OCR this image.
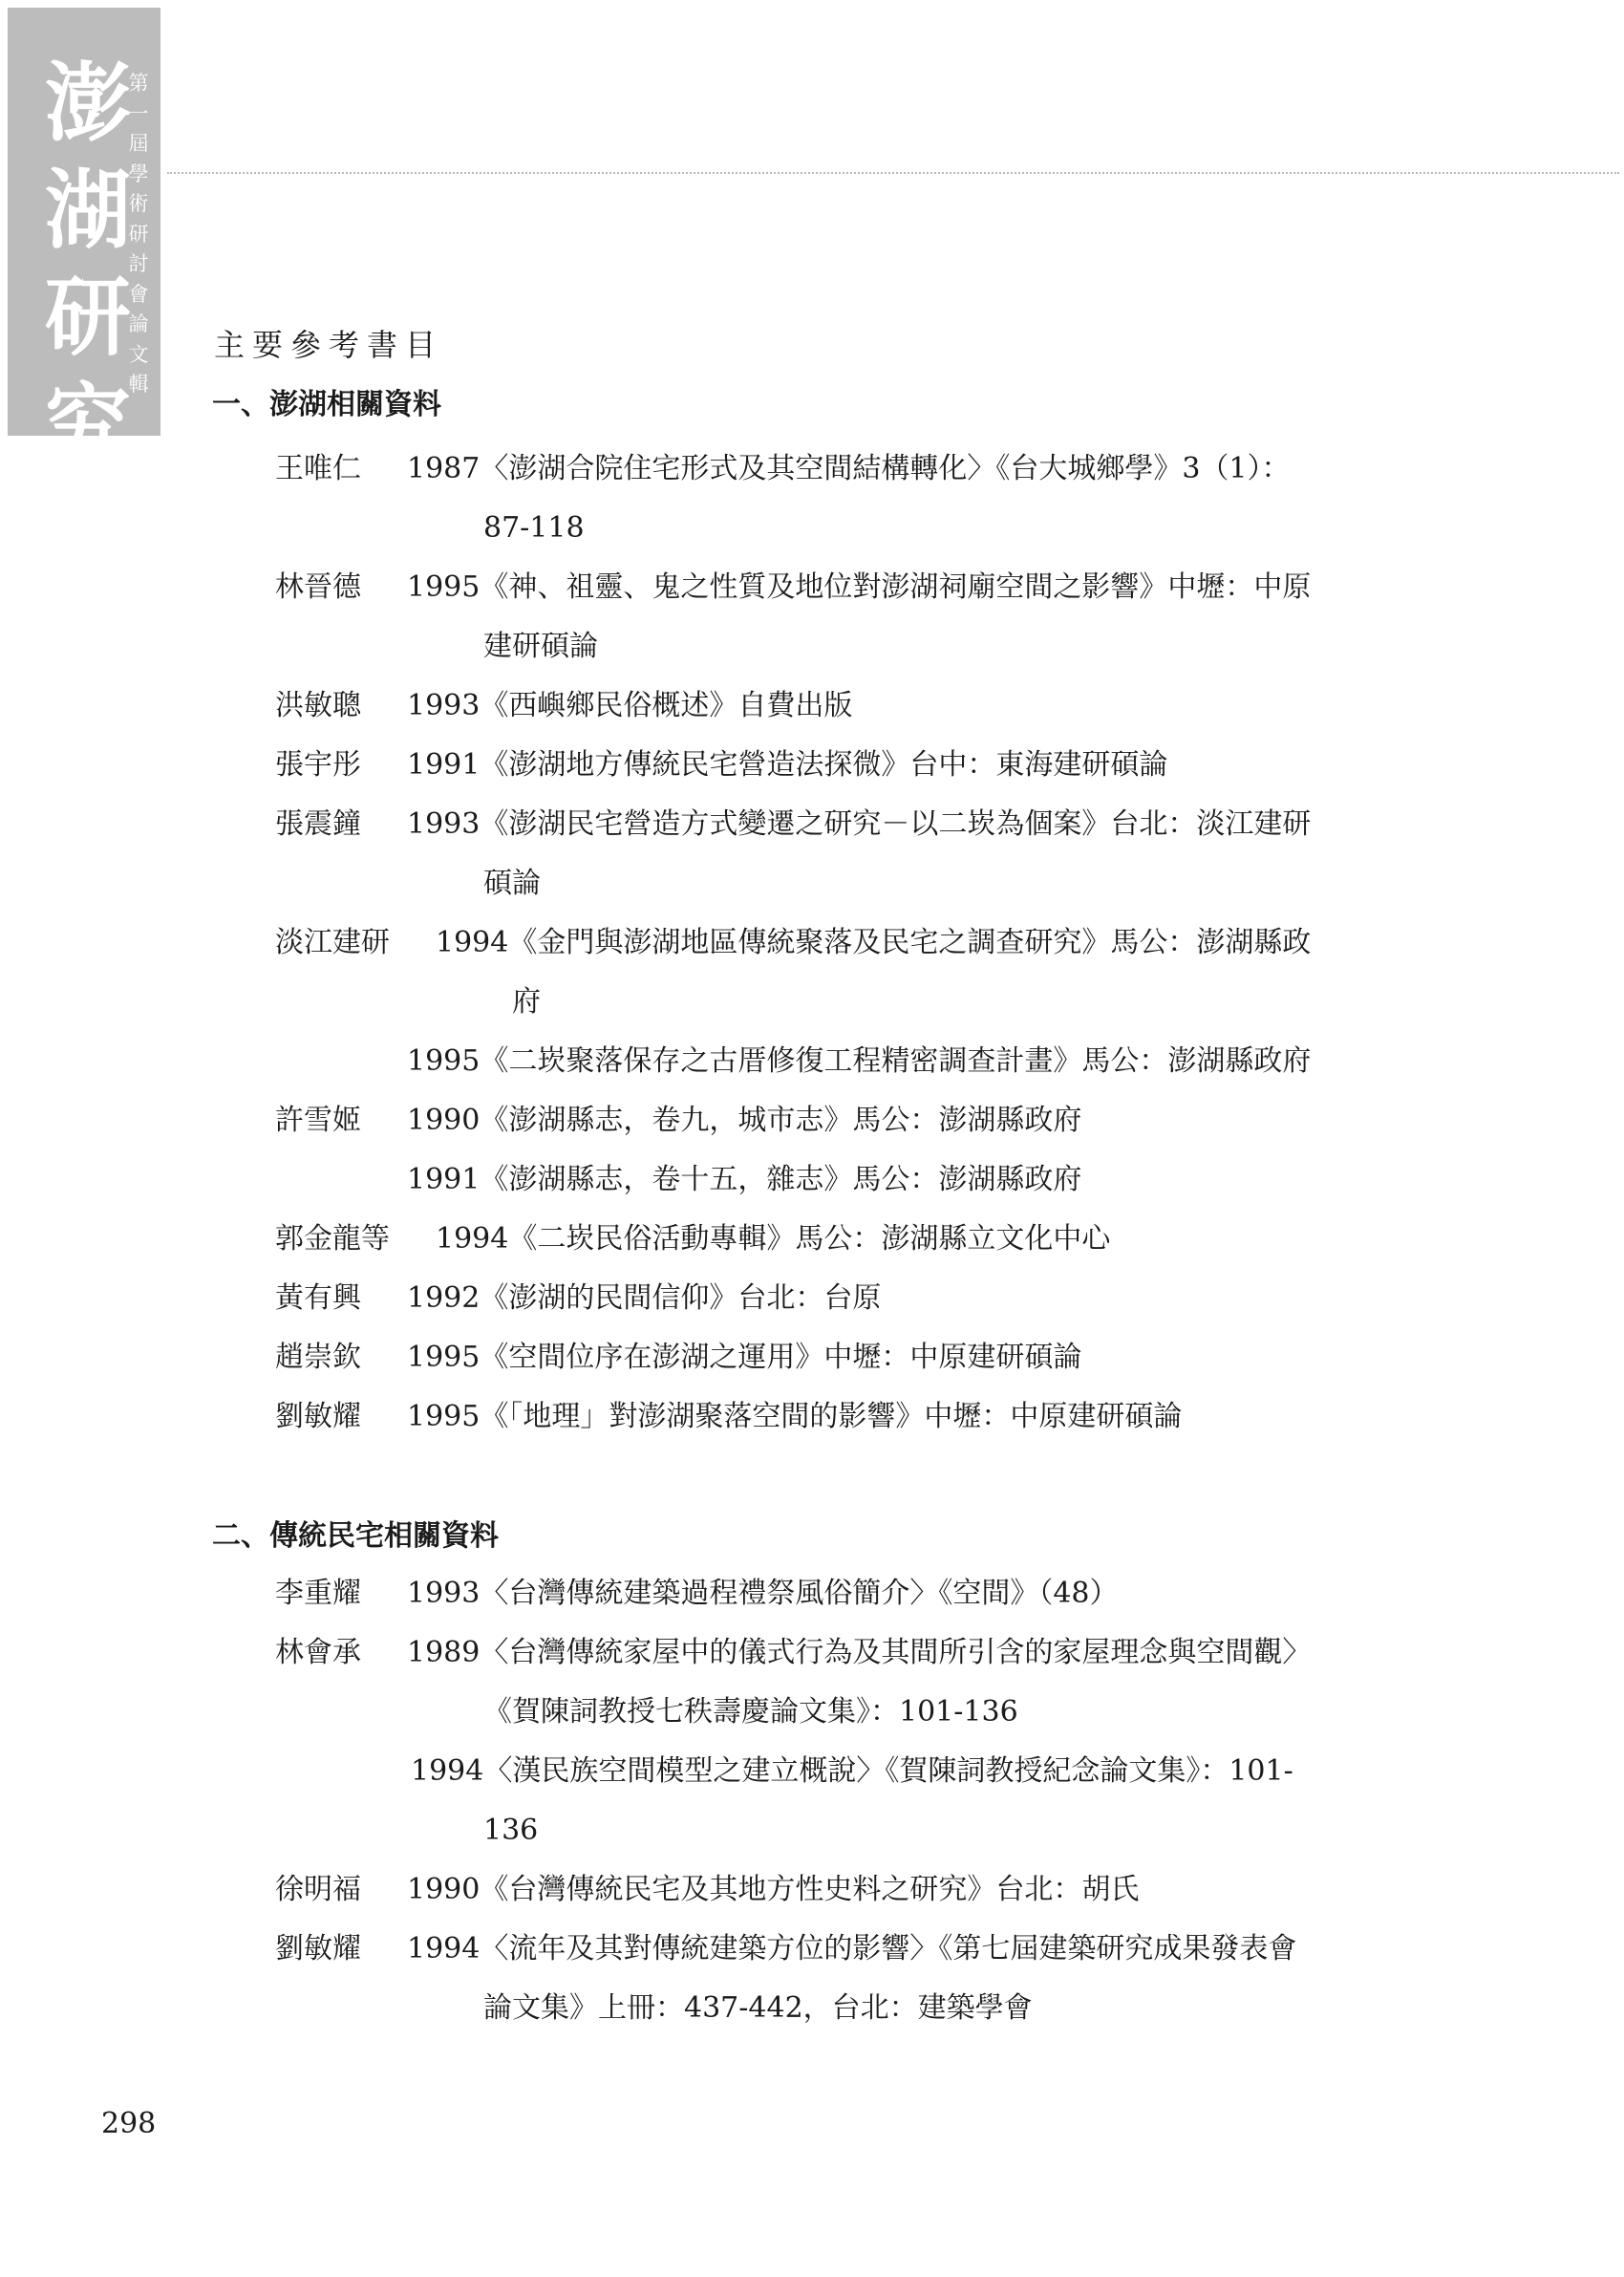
澎
湖
研
究
第
一
屆
學
術
研
討
會
論
文
輯
主要參考書目
一、澎湖相關資料
王唯仁 1987〈澎湖合院住宅形式及其空間結構轉化〉《台大城鄉學》3（1）：
87-118
林晉德 1995《神、祖靈、鬼之性質及地位對澎湖祠廟空間之影響》中壢：中原
建研碩論
洪敏聰 1993《西嶼鄉民俗概述》自費出版
張宇彤 1991《澎湖地方傳統民宅營造法探微》台中：東海建研碩論
張震鐘 1993《澎湖民宅營造方式變遷之研究－以二崁為個案》台北：淡江建研
碩論
淡江建研 1994《金門與澎湖地區傳統聚落及民宅之調查研究》馬公：澎湖縣政
府
1995《二崁聚落保存之古厝修復工程精密調查計畫》馬公：澎湖縣政府
許雪姬 1990《澎湖縣志，卷九，城市志》馬公：澎湖縣政府
1991《澎湖縣志，卷十五，雜志》馬公：澎湖縣政府
郭金龍等 1994《二崁民俗活動專輯》馬公：澎湖縣立文化中心
黃有興 1992《澎湖的民間信仰》台北：台原
趙崇欽 1995《空間位序在澎湖之運用》中壢：中原建研碩論
劉敏耀 1995《「地理」對澎湖聚落空間的影響》中壢：中原建研碩論
二、傳統民宅相關資料
李重耀 1993〈台灣傳統建築過程禮祭風俗簡介〉《空間》（48）
林會承 1989〈台灣傳統家屋中的儀式行為及其間所引含的家屋理念與空間觀〉
《賀陳詞教授七秩壽慶論文集》：101-136
1994〈漢民族空間模型之建立概說〉《賀陳詞教授紀念論文集》：101-
136
徐明福 1990《台灣傳統民宅及其地方性史料之研究》台北：胡氏
劉敏耀 1994〈流年及其對傳統建築方位的影響〉《第七屆建築研究成果發表會
論文集》上冊：437-442，台北：建築學會
298
